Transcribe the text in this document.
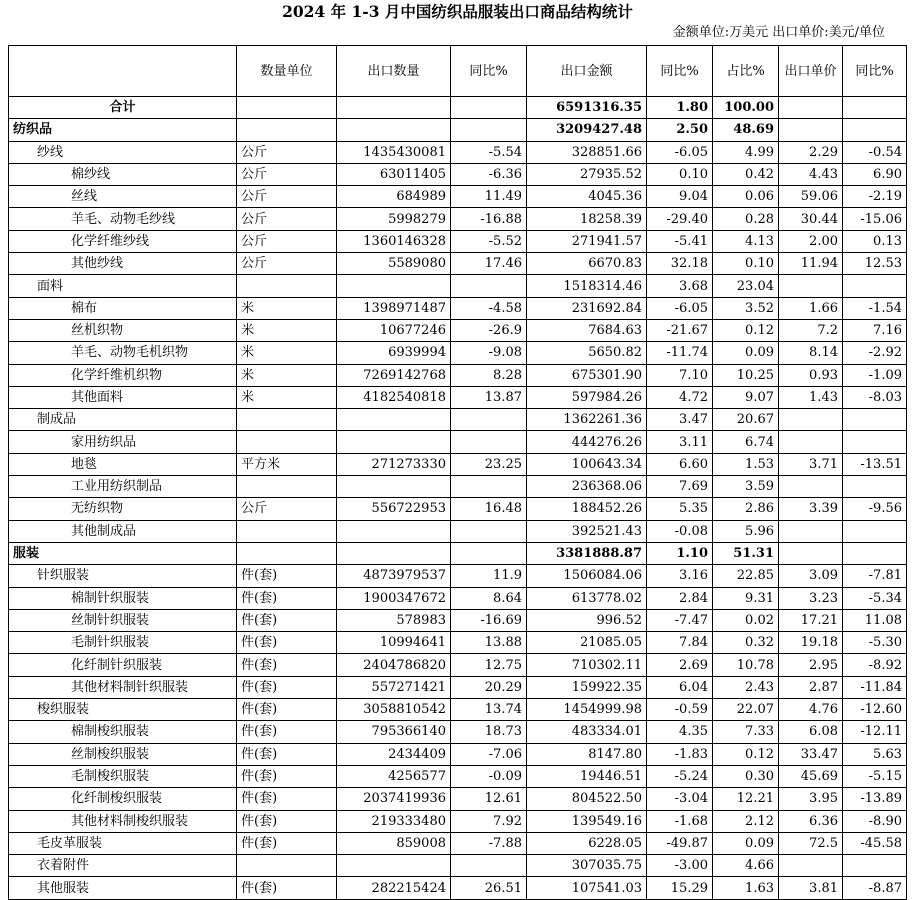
2024 年 1-3 月中国纺织品服装出口商品结构统计
金额单位:万美元 出口单价:美元/单位
	数量单位	出口数量	同比%	出口金额	同比%	占比%	出口单价	同比%
合计				6591316.35	1.80	100.00		
纺织品				3209427.48	2.50	48.69		
纱线	公斤	1435430081	-5.54	328851.66	-6.05	4.99	2.29	-0.54
棉纱线	公斤	63011405	-6.36	27935.52	0.10	0.42	4.43	6.90
丝线	公斤	684989	11.49	4045.36	9.04	0.06	59.06	-2.19
羊毛、动物毛纱线	公斤	5998279	-16.88	18258.39	-29.40	0.28	30.44	-15.06
化学纤维纱线	公斤	1360146328	-5.52	271941.57	-5.41	4.13	2.00	0.13
其他纱线	公斤	5589080	17.46	6670.83	32.18	0.10	11.94	12.53
面料				1518314.46	3.68	23.04		
棉布	米	1398971487	-4.58	231692.84	-6.05	3.52	1.66	-1.54
丝机织物	米	10677246	-26.9	7684.63	-21.67	0.12	7.2	7.16
羊毛、动物毛机织物	米	6939994	-9.08	5650.82	-11.74	0.09	8.14	-2.92
化学纤维机织物	米	7269142768	8.28	675301.90	7.10	10.25	0.93	-1.09
其他面料	米	4182540818	13.87	597984.26	4.72	9.07	1.43	-8.03
制成品				1362261.36	3.47	20.67		
家用纺织品				444276.26	3.11	6.74		
地毯	平方米	271273330	23.25	100643.34	6.60	1.53	3.71	-13.51
工业用纺织制品				236368.06	7.69	3.59		
无纺织物	公斤	556722953	16.48	188452.26	5.35	2.86	3.39	-9.56
其他制成品				392521.43	-0.08	5.96		
服装				3381888.87	1.10	51.31		
针织服装	件(套)	4873979537	11.9	1506084.06	3.16	22.85	3.09	-7.81
棉制针织服装	件(套)	1900347672	8.64	613778.02	2.84	9.31	3.23	-5.34
丝制针织服装	件(套)	578983	-16.69	996.52	-7.47	0.02	17.21	11.08
毛制针织服装	件(套)	10994641	13.88	21085.05	7.84	0.32	19.18	-5.30
化纤制针织服装	件(套)	2404786820	12.75	710302.11	2.69	10.78	2.95	-8.92
其他材料制针织服装	件(套)	557271421	20.29	159922.35	6.04	2.43	2.87	-11.84
梭织服装	件(套)	3058810542	13.74	1454999.98	-0.59	22.07	4.76	-12.60
棉制梭织服装	件(套)	795366140	18.73	483334.01	4.35	7.33	6.08	-12.11
丝制梭织服装	件(套)	2434409	-7.06	8147.80	-1.83	0.12	33.47	5.63
毛制梭织服装	件(套)	4256577	-0.09	19446.51	-5.24	0.30	45.69	-5.15
化纤制梭织服装	件(套)	2037419936	12.61	804522.50	-3.04	12.21	3.95	-13.89
其他材料制梭织服装	件(套)	219333480	7.92	139549.16	-1.68	2.12	6.36	-8.90
毛皮革服装	件(套)	859008	-7.88	6228.05	-49.87	0.09	72.5	-45.58
衣着附件				307035.75	-3.00	4.66		
其他服装	件(套)	282215424	26.51	107541.03	15.29	1.63	3.81	-8.87
